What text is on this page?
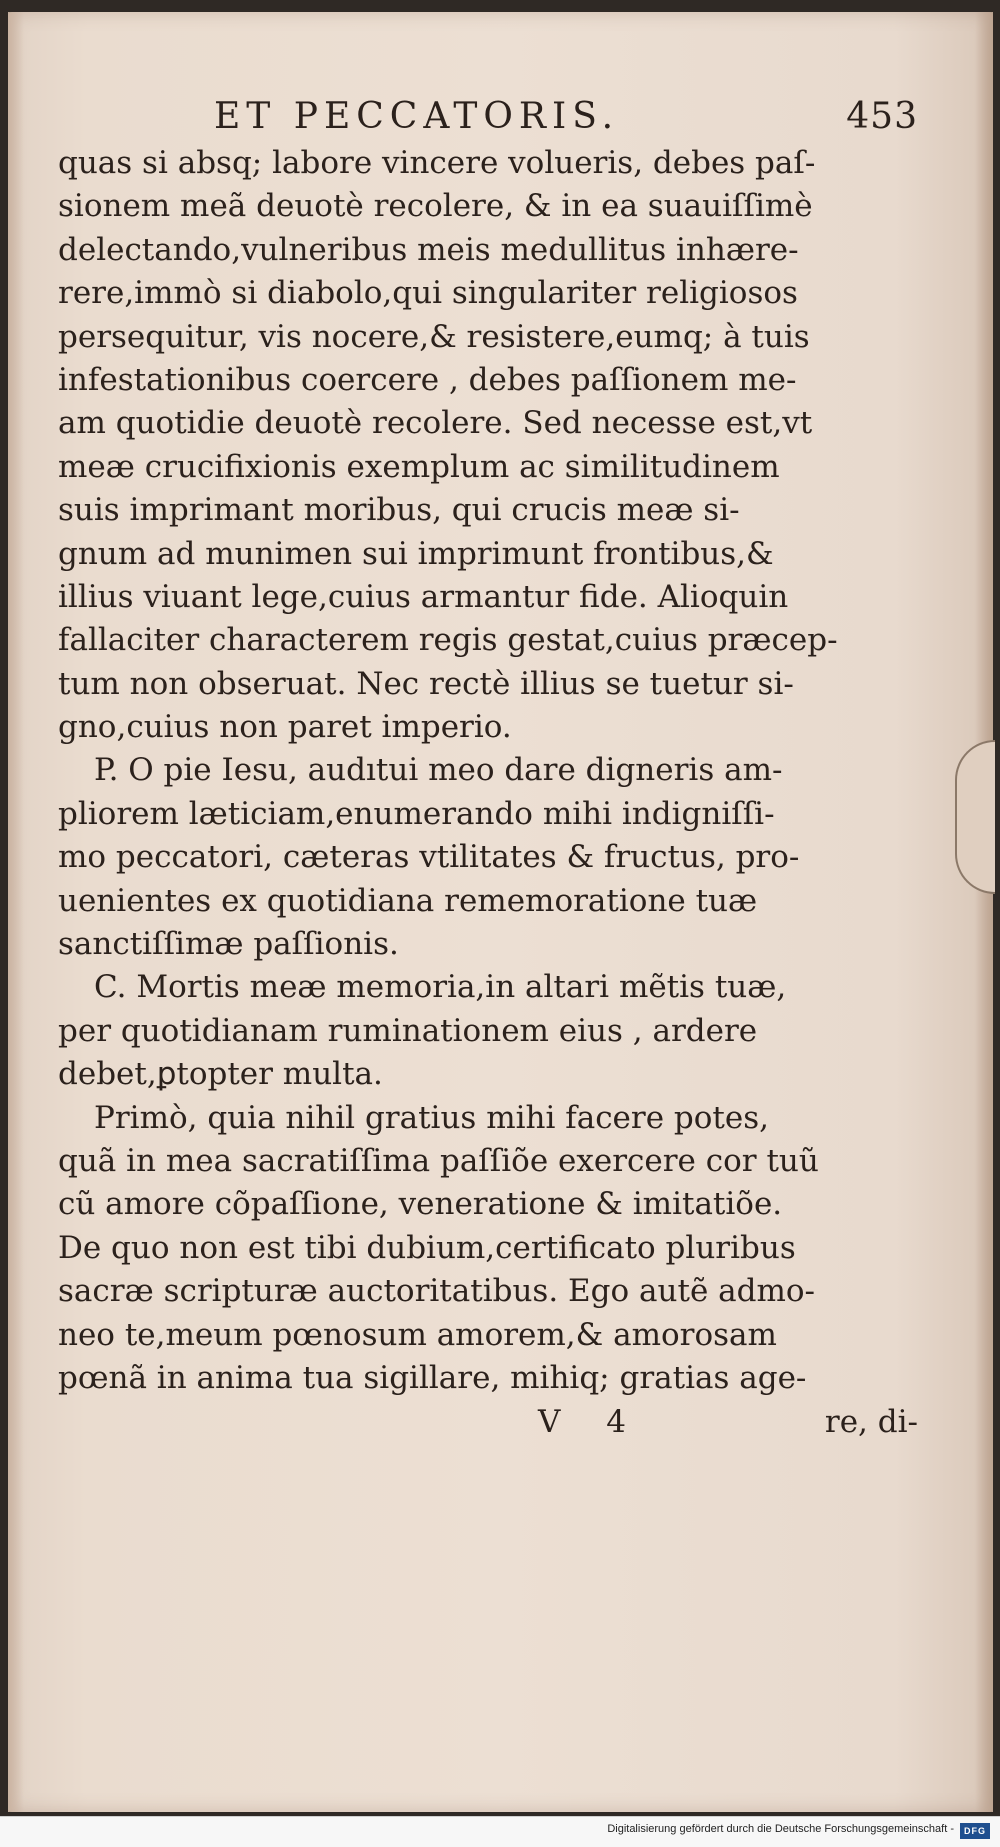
ET PECCATORIS.	453
quas si absq; labore vincere volueris, debes paſ-
sionem meã deuotè recolere, & in ea suauiſſimè
delectando,vulneribus meis medullitus inhære-
rere,immò si diabolo,qui singulariter religiosos
persequitur, vis nocere,& resistere,eumq; à tuis
infestationibus coercere , debes paſſionem me-
am quotidie deuotè recolere. Sed necesse est,vt
meæ crucifixionis exemplum ac similitudinem
suis imprimant moribus, qui crucis meæ si-
gnum ad munimen sui imprimunt frontibus,&
illius viuant lege,cuius armantur fide. Alioquin
fallaciter characterem regis gestat,cuius præcep-
tum non obseruat. Nec rectè illius se tuetur si-
gno,cuius non paret imperio.
P. O pie Iesu, audıtui meo dare digneris am-
pliorem læticiam,enumerando mihi indigniſſi-
mo peccatori, cæteras vtilitates & fructus, pro-
uenientes ex quotidiana rememoratione tuæ
sanctiſſimæ paſſionis.
C. Mortis meæ memoria,in altari mẽtis tuæ,
per quotidianam ruminationem eius , ardere
debet,ꝑtopter multa.
Primò, quia nihil gratius mihi facere potes,
quã in mea sacratiſſima paſſiõe exercere cor tuũ
cũ amore cõpaſſione, veneratione & imitatiõe.
De quo non est tibi dubium,certificato pluribus
sacræ scripturæ auctoritatibus. Ego autẽ admo-
neo te,meum pœnosum amorem,& amorosam
pœnã in anima tua sigillare, mihiq; gratias age-
V 4	re, di-
Digitalisierung gefördert durch die Deutsche Forschungsgemeinschaft -	DFG
